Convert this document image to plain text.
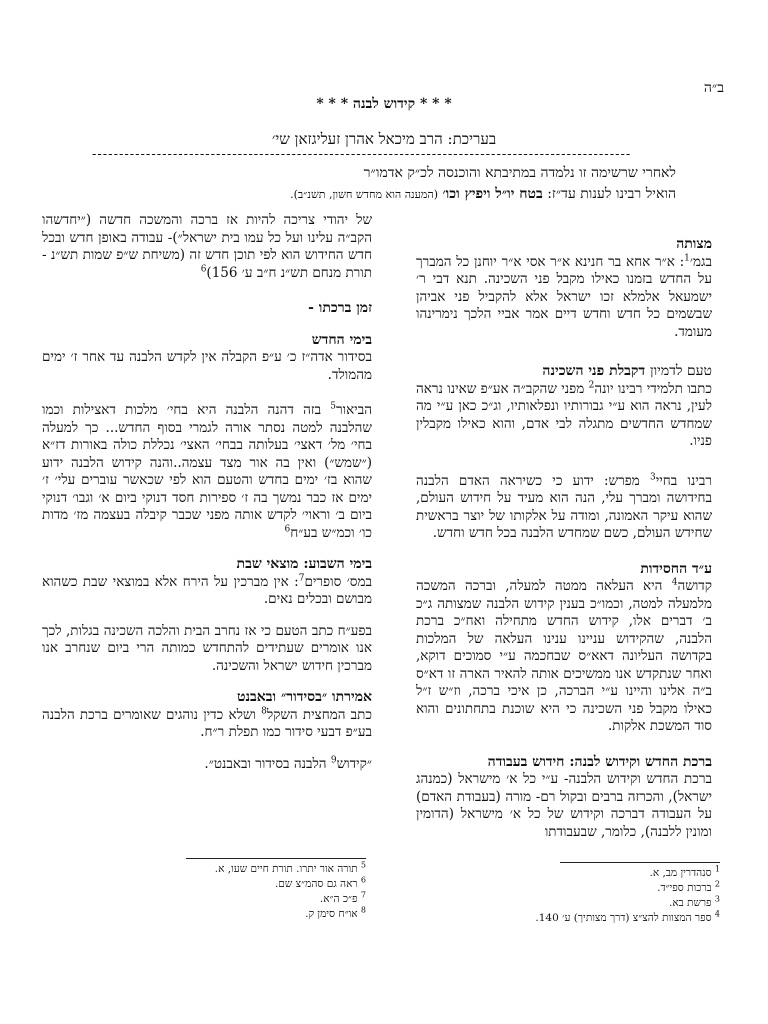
ב״ה
* * * קידוש לבנה * * *
בעריכת: הרב מיכאל אהרן זעליגזאן שי׳
----------------------------------------------------------------------------------------------------
לאחרי שרשימה זו נלמדה במתיבתא והוכנסה לכ״ק אדמו״ר
הואיל רבינו לענות עד״ז: בטח יו״ל ויפיץ וכו׳ (המענה הוא מחדש חשון, תשנ״ב).
מצותה

בגמ׳$^1$: א״ר אחא בר חנינא א״ר אסי א״ר יוחנן כל המברך על החדש בזמנו כאילו מקבל פני השכינה. תנא דבי ר׳ ישמעאל אלמלא זכו ישראל אלא להקביל פני אביהן שבשמים כל חדש וחדש דיים אמר אביי הלכך נימרינהו מעומד.

טעם לדמיון דקבלת פני השכינה

כתבו תלמידי רבינו יונה$^2$ מפני שהקב״ה אע״פ שאינו נראה לעין, נראה הוא ע״י גבורותיו ונפלאותיו, וג״כ כאן ע״י מה שמחדש החדשים מתגלה לבי אדם, והוא כאילו מקבלין פניו.

רבינו בחיי$^3$ מפרש: ידוע כי כשיראה האדם הלבנה בחידושה ומברך עלי, הנה הוא מעיד על חידוש העולם, שהוא עיקר האמונה, ומודה על אלקותו של יוצר בראשית שחידש העולם, כשם שמחדש הלבנה בכל חדש וחדש.

ע״ד החסידות

קדושה$^4$ היא העלאה ממטה למעלה, וברכה המשכה מלמעלה למטה, וכמו״כ בענין קידוש הלבנה שמצותה ג״כ ב׳ דברים אלו, קידוש החדש מתחילה ואח״כ ברכת הלבנה, שהקידוש עניינו ענינו העלאה של המלכות בקדושה העליונה דאא״ס שבחכמה ע״י סמוכים דוקא, ואחר שנתקדש אנו ממשיכים אותה להאיר הארה זו דא״ס ב״ה אלינו והיינו ע״י הברכה, כן איכי ברכה, וז״ש ז״ל כאילו מקבל פני השכינה כי היא שוכנת בתחתונים והוא סוד המשכת אלקות.

ברכת החדש וקידוש לבנה: חידוש בעבודה

ברכת החדש וקידוש הלבנה- ע״י כל א׳ מישראל (כמנהג ישראל), והכרזה ברבים ובקול רם- מורה (בעבודת האדם) על העבודה דברכה וקידוש של כל א׳ מישראל (הדומין ומונין ללבנה), כלומר, שבעבודתו

של יהודי צריכה להיות אז ברכה והמשכה חדשה (״יחדשהו הקב״ה עלינו ועל כל עמו בית ישראל״)- עבודה באופן חדש ובכל חדש החידוש הוא לפי תוכן חדש זה (משיחת ש״פ שמות תש״נ - תורת מנחם תש״נ ח״ב ע׳ 156)$^6$

זמן ברכתו -
בימי החדש

בסידור אדה״ז כ׳ ע״פ הקבלה אין לקדש הלבנה עד אחר ז׳ ימים מהמולד.

הביאור$^5$ בזה דהנה הלבנה היא בחי׳ מלכות דאצילות וכמו שהלבנה למטה נסתר אורה לגמרי בסוף החדש... כך למעלה בחי׳ מל׳ דאצי׳ בעלותה בבחי׳ האצי׳ נכללת כולה באורות דז״א (״שמש״) ואין בה אור מצד עצמה..והנה קידוש הלבנה ידוע שהוא בז׳ ימים בחדש והטעם הוא לפי שכאשר עוברים עלי׳ ז׳ ימים אז כבר נמשך בה ז׳ ספירות חסד דנוקי ביום א׳ וגבו׳ דנוקי ביום ב׳ וראוי׳ לקדש אותה מפני שכבר קיבלה בעצמה מז׳ מדות כו׳ וכמ״ש בע״ח$^6$

בימי השבוע: מוצאי שבת

במס׳ סופרים$^7$: אין מברכין על הירח אלא במוצאי שבת כשהוא מבושם ובכלים נאים.

בפע״ח כתב הטעם כי אז נחרב הבית והלכה השכינה בגלות, לכך אנו אומרים שעתידים להתחדש כמותה הרי ביום שנחרב אנו מברכין חידוש ישראל והשכינה.

אמירתו ״בסידור״ ובאבנט

כתב המחצית השקל$^8$ ושלא כדין נוהגים שאומרים ברכת הלבנה בע״פ דבעי סידור כמו תפלת ר״ח.

״קידוש$^9$ הלבנה בסידור ובאבנט״.

$^5$ תורה אור יתרו. תורת חיים שעו, א.
$^6$ ראה גם סהמ״צ שם.
$^7$ פ״כ ה״א.
$^8$ או״ח סימן ק.
$^1$ סנהדרין מב, א.
$^2$ ברכות ספי״ד.
$^3$ פרשת בא.
$^4$ ספר המצוות להצ״צ (דרך מצותיך) ע׳ 140.
